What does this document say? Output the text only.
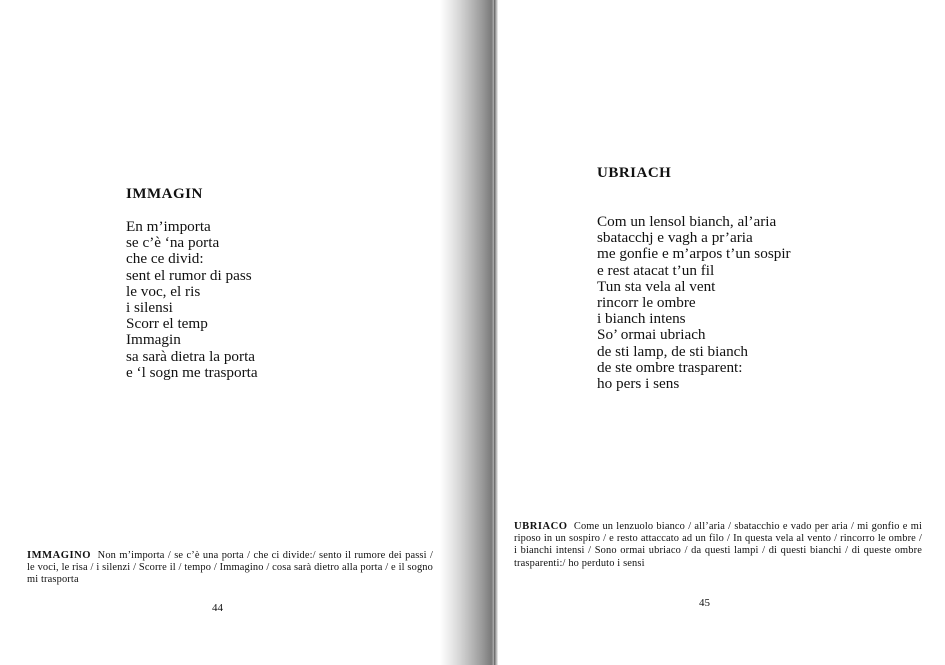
IMMAGIN
En m’importa
se c’è ‘na porta
che ce divid:
sent el rumor di pass
le voc, el ris
i silensi
Scorr el temp
Immagin
sa sarà dietra la porta
e ‘l sogn me trasporta

IMMAGINO Non m’importa / se c’è una porta / che ci divide:/ sento il rumore dei passi / le voci, le risa / i silenzi / Scorre il / tempo / Immagino / cosa sarà dietro alla porta / e il sogno mi trasporta

44

UBRIACH
Com un lensol bianch, al’aria
sbatacchj e vagh a pr’aria
me gonfie e m’arpos t’un sospir
e rest atacat t’un fil
Tun sta vela al vent
rincorr le ombre
i bianch intens
So’ ormai ubriach
de sti lamp, de sti bianch
de ste ombre trasparent:
ho pers i sens

UBRIACO Come un lenzuolo bianco / all’aria / sbatacchio e vado per aria / mi gonfio e mi riposo in un sospiro / e resto attaccato ad un filo / In questa vela al vento / rincorro le ombre / i bianchi intensi / Sono ormai ubriaco / da questi lampi / di questi bianchi / di queste ombre trasparenti:/ ho perduto i sensi

45
